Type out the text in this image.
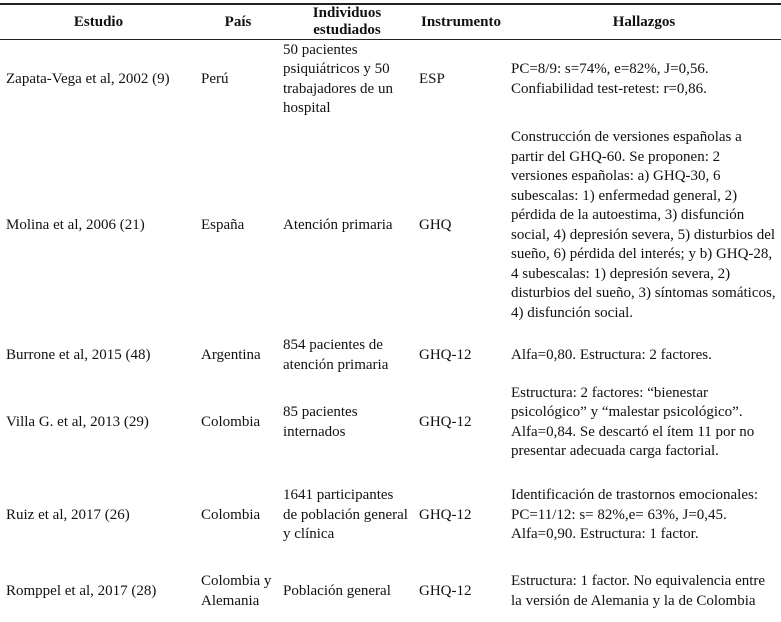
Estudio	País	Individuos estudiados	Instrumento	Hallazgos
Zapata-Vega et al, 2002 (9)	Perú	50 pacientes psiquiátricos y 50 trabajadores de un hospital	ESP	PC=8/9: s=74%, e=82%, J=0,56. Confiabilidad test-retest: r=0,86.
Molina et al, 2006 (21)	España	Atención primaria	GHQ	Construcción de versiones españolas a partir del GHQ-60. Se proponen: 2 versiones españolas: a) GHQ-30, 6 subescalas: 1) enfermedad general, 2) pérdida de la autoestima, 3) disfunción social, 4) depresión severa, 5) disturbios del sueño, 6) pérdida del interés; y b) GHQ-28, 4 subescalas: 1) depresión severa, 2) disturbios del sueño, 3) síntomas somáticos, 4) disfunción social.
Burrone et al, 2015 (48)	Argentina	854 pacientes de atención primaria	GHQ-12	Alfa=0,80. Estructura: 2 factores.
Villa G. et al, 2013 (29)	Colombia	85 pacientes internados	GHQ-12	Estructura: 2 factores: “bienestar psicológico” y “malestar psicológico”. Alfa=0,84. Se descartó el ítem 11 por no presentar adecuada carga factorial.
Ruiz et al, 2017 (26)	Colombia	1641 participantes de población general y clínica	GHQ-12	Identificación de trastornos emocionales: PC=11/12: s= 82%,e= 63%, J=0,45. Alfa=0,90. Estructura: 1 factor.
Romppel et al, 2017 (28)	Colombia y Alemania	Población general	GHQ-12	Estructura: 1 factor. No equivalencia entre la versión de Alemania y la de Colombia
